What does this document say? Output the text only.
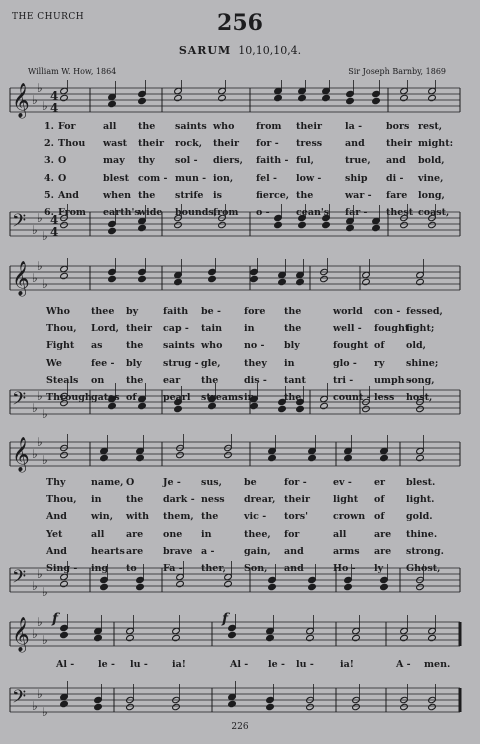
THE CHURCH	256
SARUM 10,10,10,4.
William W. How, 1864	Sir Joseph Barnby, 1869
𝄞 ♭
♭
♭
4
4
𝄢 ♭
♭
♭
4
4
𝄞 ♭
♭
♭
𝄢 ♭
♭
♭
𝄞 ♭
♭
♭
𝄢 ♭
♭
♭
𝄞 ♭
♭
♭
𝄢 ♭
♭
♭
1. For	all the saints who from their la -	bors rest,
2. Thou wast their rock, their for - tress and their might:
3. O	may thy sol - diers, faith - ful,	true, and bold,
4. O	blest com - mun - ion, fel - low - ship di - vine,
5. And	when the strife is	fierce, the	war - fare long,
6. From earth's
wide bounds,
from o -	cean's far - thest coast,
Who thee by	faith be - fore the	world con - fessed,
Thou, Lord, their cap - tain in	the	well - fought
fight;
Fight as the saints who no - bly	fought of old,
We	fee - bly strug - gle, they in	glo - ry shine;
Steals on the ear the	dis - tant	tri - umph -
song,
Through gates of	pearl streams in	the	count - less host,
Thy	name, O	Je - sus, be	for -	ev - er blest.
Thou, in	the dark - ness drear, their light of light.
And	win, with them, the	vic - tors'	crown of gold.
Yet	all are one in	thee, for	all	are thine.
And	hearts are brave a -	gain, and	arms are strong.
Sing - ing to	Fa - ther, Son, and	Ho - ly Ghost,
Al -	le - lu -	ia!	Al - le - lu -	ia!	A - men.
f	f
226
